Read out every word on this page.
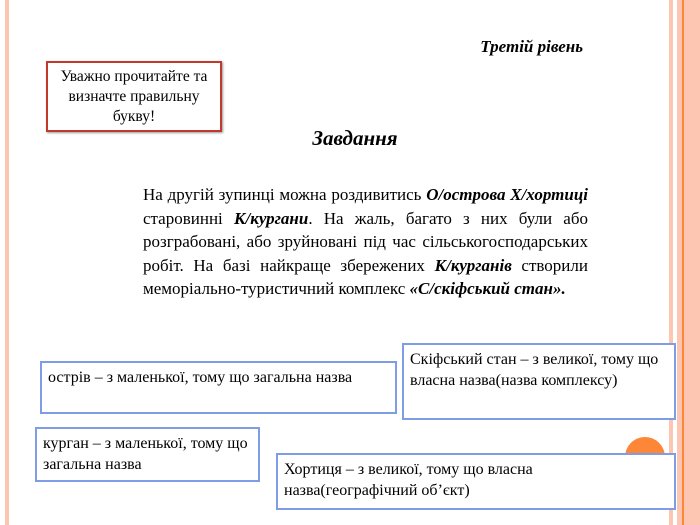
Третій рівень
Уважно прочитайте та визначте правильну букву!
Завдання
На другій зупинці можна роздивитись О/острова Х/хортиці старовинні К/кургани. На жаль, багато з них були або розграбовані, або зруйновані під час сільськогосподарських робіт. На базі найкраще збережених К/курганів створили меморіально-туристичний комплекс «С/скіфський стан».
острів – з маленької, тому що загальна назва
Скіфський стан – з великої, тому що власна назва(назва комплексу)
курган – з маленької, тому що загальна назва	Хортиця – з великої, тому що власна назва(географічний об’єкт)
